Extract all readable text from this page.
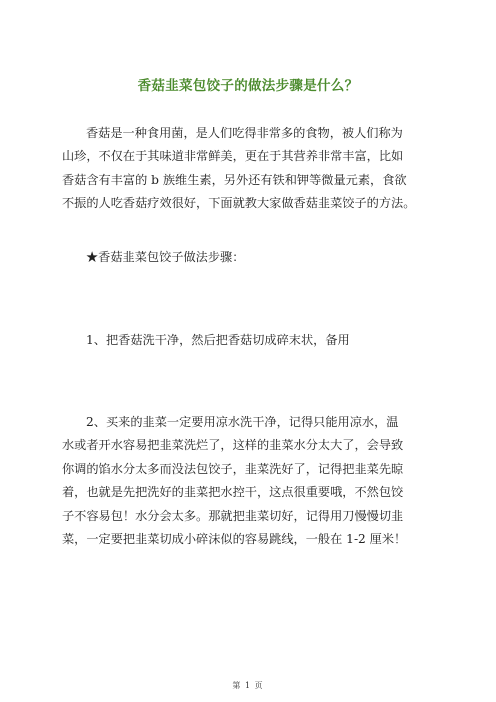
香菇韭菜包饺子的做法步骤是什么？

香菇是一种食用菌，是人们吃得非常多的食物，被人们称为
山珍，不仅在于其味道非常鲜美，更在于其营养非常丰富，比如
香菇含有丰富的 b 族维生素，另外还有铁和钾等微量元素，食欲
不振的人吃香菇疗效很好，下面就教大家做香菇韭菜饺子的方法。

★香菇韭菜包饺子做法步骤：

1、把香菇洗干净，然后把香菇切成碎末状，备用

2、买来的韭菜一定要用凉水洗干净，记得只能用凉水，温
水或者开水容易把韭菜洗烂了，这样的韭菜水分太大了，会导致
你调的馅水分太多而没法包饺子，韭菜洗好了，记得把韭菜先晾
着，也就是先把洗好的韭菜把水控干，这点很重要哦，不然包饺
子不容易包！水分会太多。那就把韭菜切好，记得用刀慢慢切韭
菜，一定要把韭菜切成小碎沫似的容易跳线，一般在 1-2 厘米！

第 1 页
